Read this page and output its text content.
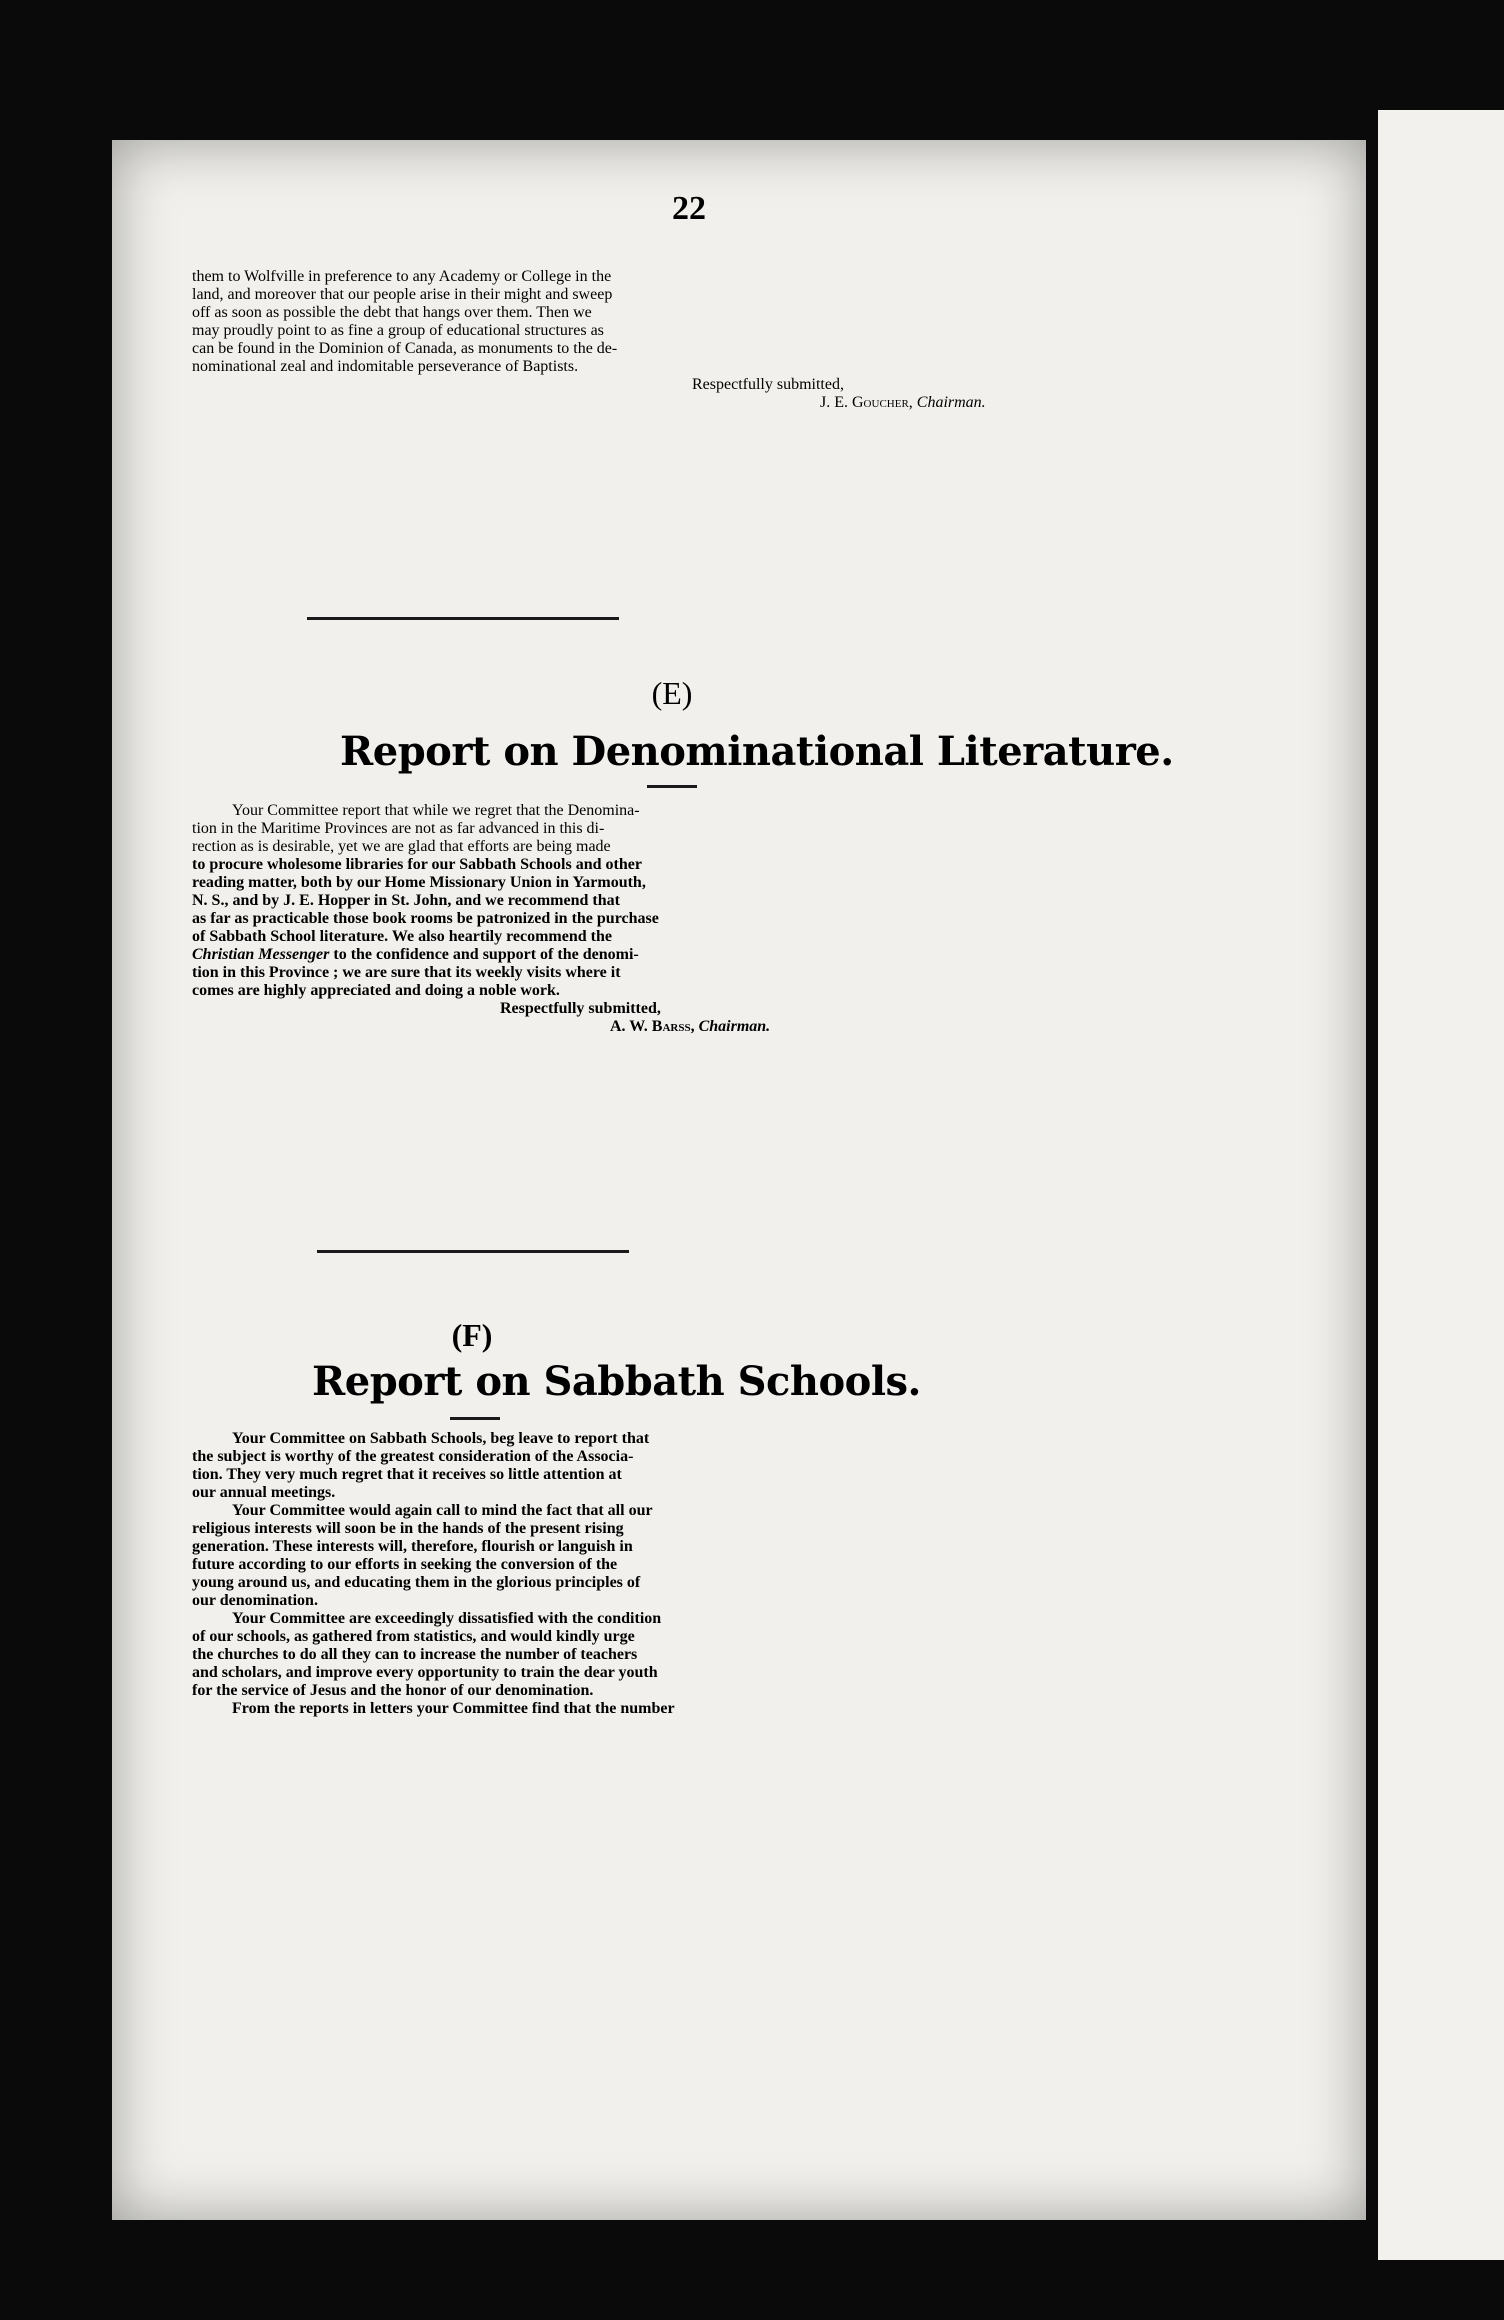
22
them to Wolfville in preference to any Academy or College in the
land, and moreover that our people arise in their might and sweep
off as soon as possible the debt that hangs over them. Then we
may proudly point to as fine a group of educational structures as
can be found in the Dominion of Canada, as monuments to the de-
nominational zeal and indomitable perseverance of Baptists.
Respectfully submitted,
J. E. Goucher, Chairman.
(E)
Report on Denominational Literature.
Your Committee report that while we regret that the Denomina-
tion in the Maritime Provinces are not as far advanced in this di-
rection as is desirable, yet we are glad that efforts are being made
to procure wholesome libraries for our Sabbath Schools and other
reading matter, both by our Home Missionary Union in Yarmouth,
N. S., and by J. E. Hopper in St. John, and we recommend that
as far as practicable those book rooms be patronized in the purchase
of Sabbath School literature. We also heartily recommend the
Christian Messenger to the confidence and support of the denomi-
tion in this Province ; we are sure that its weekly visits where it
comes are highly appreciated and doing a noble work.
Respectfully submitted,
A. W. Barss, Chairman.
(F)
Report on Sabbath Schools.
Your Committee on Sabbath Schools, beg leave to report that
the subject is worthy of the greatest consideration of the Associa-
tion. They very much regret that it receives so little attention at
our annual meetings.
Your Committee would again call to mind the fact that all our
religious interests will soon be in the hands of the present rising
generation. These interests will, therefore, flourish or languish in
future according to our efforts in seeking the conversion of the
young around us, and educating them in the glorious principles of
our denomination.
Your Committee are exceedingly dissatisfied with the condition
of our schools, as gathered from statistics, and would kindly urge
the churches to do all they can to increase the number of teachers
and scholars, and improve every opportunity to train the dear youth
for the service of Jesus and the honor of our denomination.
From the reports in letters your Committee find that the number
